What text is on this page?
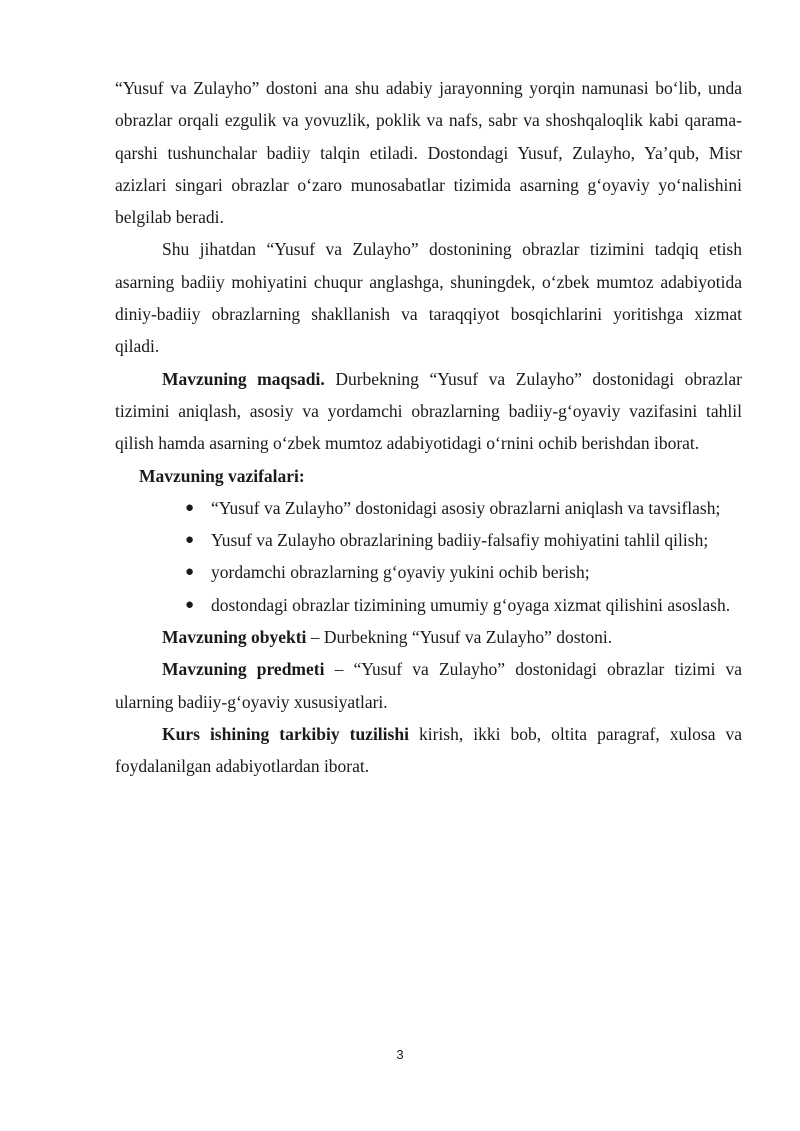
“Yusuf va Zulayho” dostoni ana shu adabiy jarayonning yorqin namunasi bo‘lib, unda obrazlar orqali ezgulik va yovuzlik, poklik va nafs, sabr va shoshqaloqlik kabi qarama-qarshi tushunchalar badiiy talqin etiladi. Dostondagi Yusuf, Zulayho, Ya’qub, Misr azizlari singari obrazlar o‘zaro munosabatlar tizimida asarning g‘oyaviy yo‘nalishini belgilab beradi.

Shu jihatdan “Yusuf va Zulayho” dostonining obrazlar tizimini tadqiq etish asarning badiiy mohiyatini chuqur anglashga, shuningdek, o‘zbek mumtoz adabiyotida diniy-badiiy obrazlarning shakllanish va taraqqiyot bosqichlarini yoritishga xizmat qiladi.

Mavzuning maqsadi. Durbekning “Yusuf va Zulayho” dostonidagi obrazlar tizimini aniqlash, asosiy va yordamchi obrazlarning badiiy-g‘oyaviy vazifasini tahlil qilish hamda asarning o‘zbek mumtoz adabiyotidagi o‘rnini ochib berishdan iborat.

Mavzuning vazifalari:
● “Yusuf va Zulayho” dostonidagi asosiy obrazlarni aniqlash va tavsiflash;
● Yusuf va Zulayho obrazlarining badiiy-falsafiy mohiyatini tahlil qilish;
● yordamchi obrazlarning g‘oyaviy yukini ochib berish;
● dostondagi obrazlar tizimining umumiy g‘oyaga xizmat qilishini asoslash.

Mavzuning obyekti – Durbekning “Yusuf va Zulayho” dostoni.

Mavzuning predmeti – “Yusuf va Zulayho” dostonidagi obrazlar tizimi va ularning badiiy-g‘oyaviy xususiyatlari.

Kurs ishining tarkibiy tuzilishi kirish, ikki bob, oltita paragraf, xulosa va foydalanilgan adabiyotlardan iborat.

3
